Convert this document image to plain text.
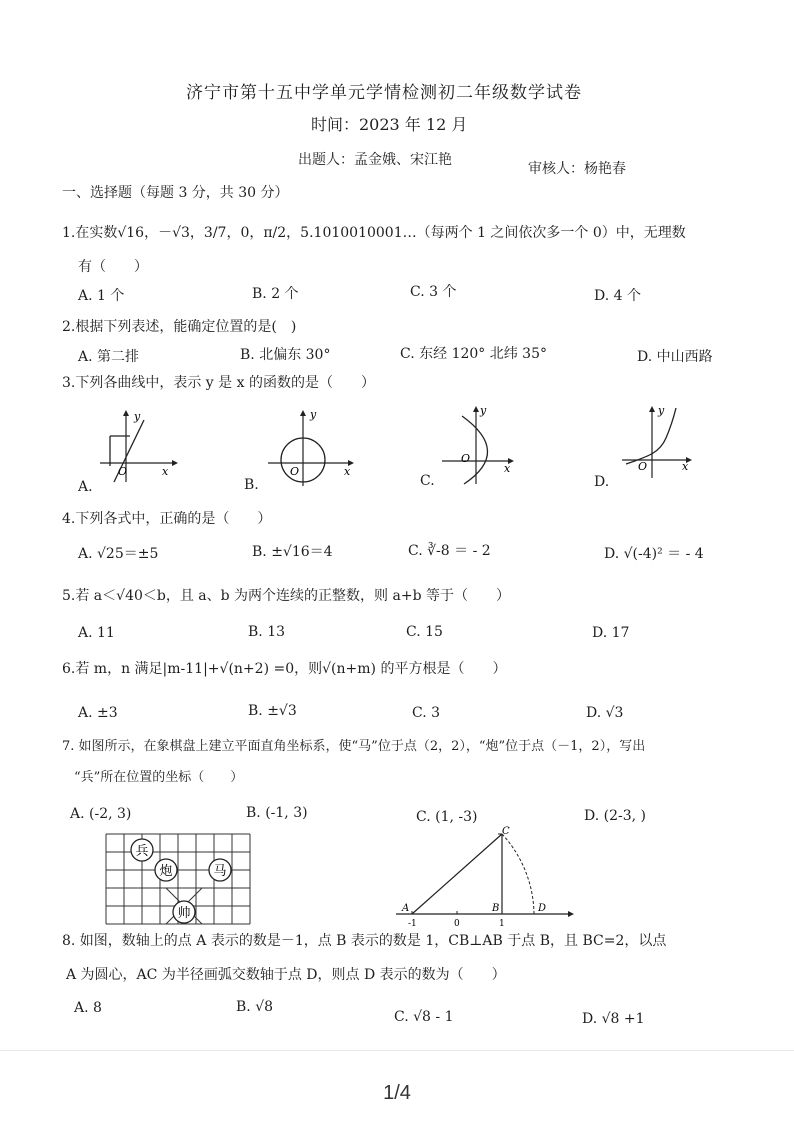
济宁市第十五中学单元学情检测初二年级数学试卷
时间：2023 年 12 月
出题人：孟金娥、宋江艳
审核人：杨艳春
一、选择题（每题 3 分，共 30 分）
1.在实数√16，－√3，3/7，0，π/2，5.1010010001…（每两个 1 之间依次多一个 0）中，无理数
有（　　）
A. 1 个	B. 2 个	C. 3 个	D. 4 个
2.根据下列表述，能确定位置的是(　)
A. 第二排	B. 北偏东 30°	C. 东经 120° 北纬 35°	D. 中山西路
3.下列各曲线中，表示 y 是 x 的函数的是（　　）
y
x
O
A.
y
x
O
B.
y
x
O
C.
y
x
O
D.
4.下列各式中，正确的是（　　）
A. √25＝±5	B. ±√16＝4	C. ∛-8 ＝ - 2	D. √(-4)² ＝ - 4
5.若 a＜√40＜b，且 a、b 为两个连续的正整数，则 a+b 等于（　　）
A. 11	B. 13	C. 15	D. 17
6.若 m，n 满足|m-11|+√(n+2) =0，则√(n+m) 的平方根是（　　）
A. ±3	B. ±√3	C. 3	D. √3
7. 如图所示，在象棋盘上建立平面直角坐标系，使“马”位于点（2，2），“炮”位于点（－1，2），写出
“兵”所在位置的坐标（　　）
A. (-2, 3)	B. (-1, 3)	C. (1, -3)	D. (2-3, )
兵
炮	马
帅	A	B
C
D
-1	0	1
8. 如图，数轴上的点 A 表示的数是－1，点 B 表示的数是 1，CB⊥AB 于点 B，且 BC=2，以点
A 为圆心，AC 为半径画弧交数轴于点 D，则点 D 表示的数为（　　）
A. 8	B. √8
C. √8 - 1	D. √8 +1
1/4
